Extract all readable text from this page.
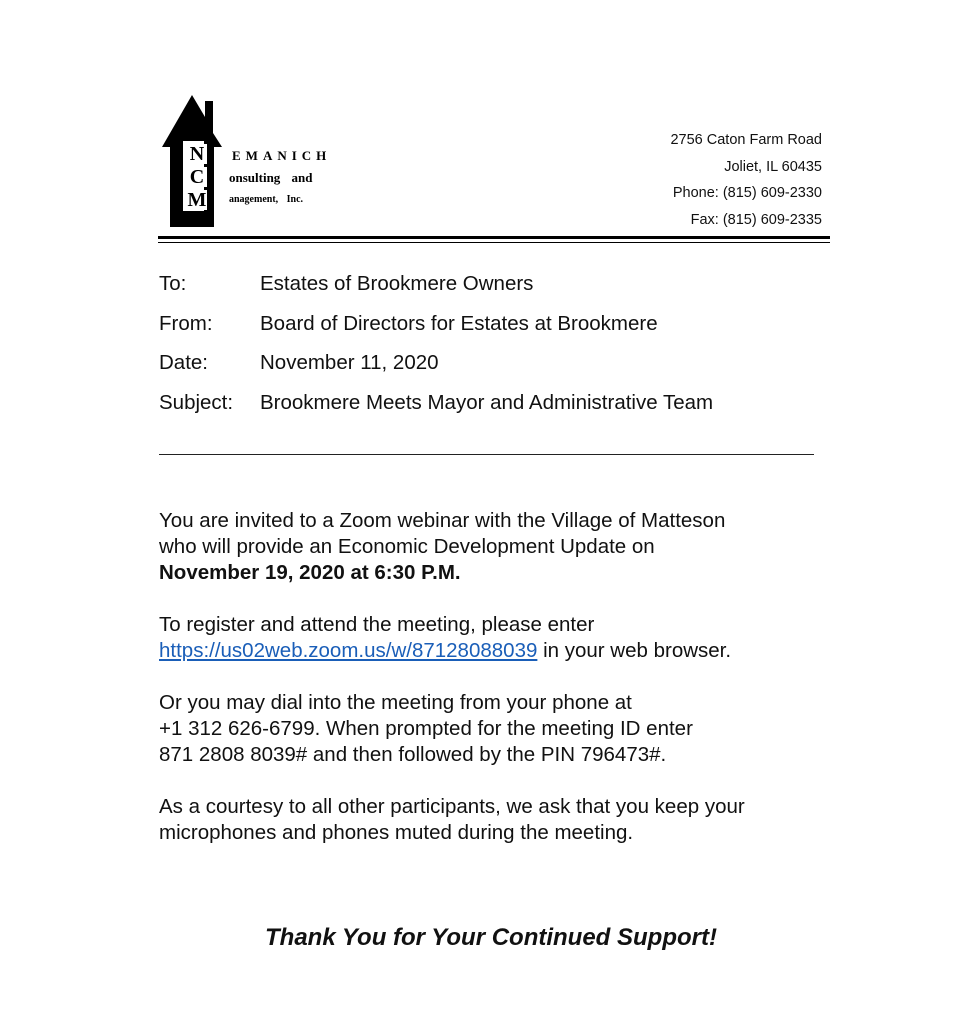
N
C
M
EMANICH
onsulting and
anagement, Inc.
2756 Caton Farm Road
Joliet, IL 60435
Phone: (815) 609-2330
Fax: (815) 609-2335
To:	Estates of Brookmere Owners
From:	Board of Directors for Estates at Brookmere
Date:	November 11, 2020
Subject:	Brookmere Meets Mayor and Administrative Team

You are invited to a Zoom webinar with the Village of Matteson
who will provide an Economic Development Update on
November 19, 2020 at 6:30 P.M.

To register and attend the meeting, please enter
https://us02web.zoom.us/w/87128088039 in your web browser.

Or you may dial into the meeting from your phone at
+1 312 626-6799. When prompted for the meeting ID enter
871 2808 8039# and then followed by the PIN 796473#.

As a courtesy to all other participants, we ask that you keep your
microphones and phones muted during the meeting.

Thank You for Your Continued Support!
